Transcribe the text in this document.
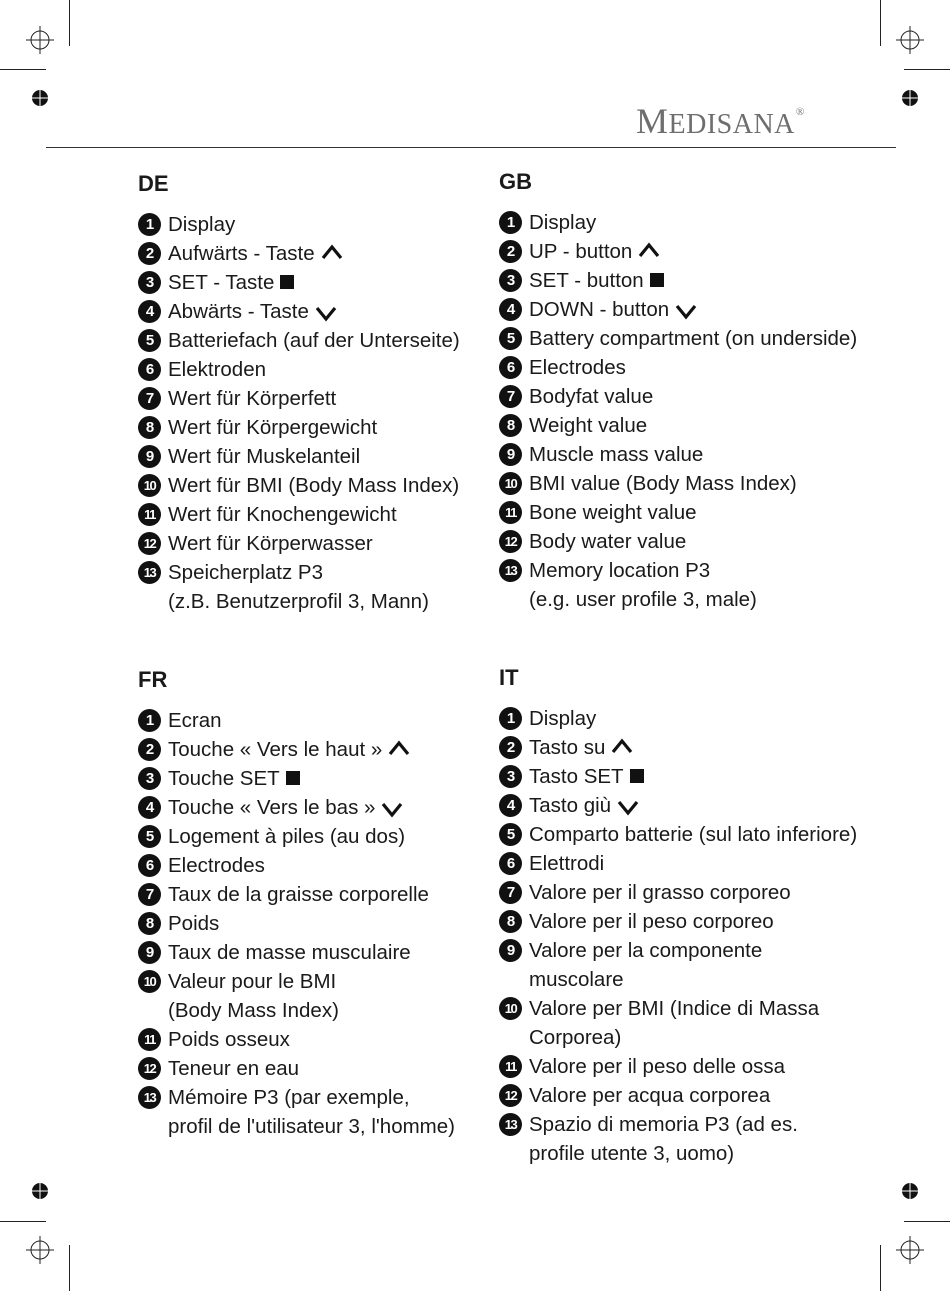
MEDISANA®
DE
1 Display
2 Aufwärts - Taste
3 SET - Taste
4 Abwärts - Taste
5 Batteriefach (auf der Unterseite)
6 Elektroden
7 Wert für Körperfett
8 Wert für Körpergewicht
9 Wert für Muskelanteil
10 Wert für BMI (Body Mass Index)
11 Wert für Knochengewicht
12 Wert für Körperwasser
13 Speicherplatz P3
(z.B. Benutzerprofil 3, Mann)
GB
1 Display
2 UP - button
3 SET - button
4 DOWN - button
5 Battery compartment (on underside)
6 Electrodes
7 Bodyfat value
8 Weight value
9 Muscle mass value
10 BMI value (Body Mass Index)
11 Bone weight value
12 Body water value
13 Memory location P3
(e.g. user profile 3, male)
FR
1 Ecran
2 Touche « Vers le haut »
3 Touche SET
4 Touche « Vers le bas »
5 Logement à piles (au dos)
6 Electrodes
7 Taux de la graisse corporelle
8 Poids
9 Taux de masse musculaire
10 Valeur pour le BMI
(Body Mass Index)
11 Poids osseux
12 Teneur en eau
13 Mémoire P3 (par exemple,
profil de l'utilisateur 3, l'homme)
IT
1 Display
2 Tasto su
3 Tasto SET
4 Tasto giù
5 Comparto batterie (sul lato inferiore)
6 Elettrodi
7 Valore per il grasso corporeo
8 Valore per il peso corporeo
9 Valore per la componente
muscolare
10 Valore per BMI (Indice di Massa
Corporea)
11 Valore per il peso delle ossa
12 Valore per acqua corporea
13 Spazio di memoria P3 (ad es.
profile utente 3, uomo)
